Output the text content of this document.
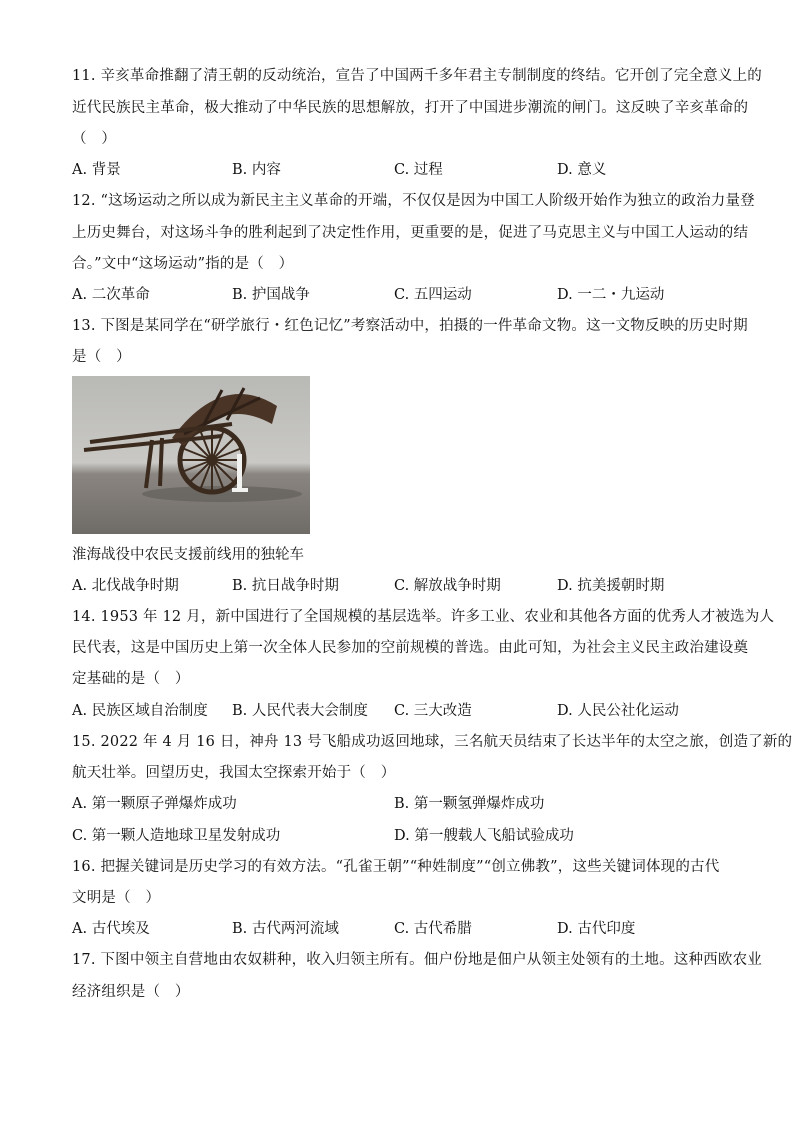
11. 辛亥革命推翻了清王朝的反动统治，宣告了中国两千多年君主专制制度的终结。它开创了完全意义上的
近代民族民主革命，极大推动了中华民族的思想解放，打开了中国进步潮流的闸门。这反映了辛亥革命的
（　）
A. 背景	B. 内容	C. 过程	D. 意义
12. “这场运动之所以成为新民主主义革命的开端，不仅仅是因为中国工人阶级开始作为独立的政治力量登
上历史舞台，对这场斗争的胜利起到了决定性作用，更重要的是，促进了马克思主义与中国工人运动的结
合。”文中“这场运动”指的是（　）
A. 二次革命	B. 护国战争	C. 五四运动	D. 一二・九运动
13. 下图是某同学在“研学旅行・红色记忆”考察活动中，拍摄的一件革命文物。这一文物反映的历史时期
是（　）
淮海战役中农民支援前线用的独轮车
A. 北伐战争时期	B. 抗日战争时期	C. 解放战争时期	D. 抗美援朝时期
14. 1953 年 12 月，新中国进行了全国规模的基层选举。许多工业、农业和其他各方面的优秀人才被选为人
民代表，这是中国历史上第一次全体人民参加的空前规模的普选。由此可知，为社会主义民主政治建设奠
定基础的是（　）
A. 民族区域自治制度 B. 人民代表大会制度 C. 三大改造	D. 人民公社化运动
15. 2022 年 4 月 16 日，神舟 13 号飞船成功返回地球，三名航天员结束了长达半年的太空之旅，创造了新的
航天壮举。回望历史，我国太空探索开始于（　）
A. 第一颗原子弹爆炸成功	B. 第一颗氢弹爆炸成功
C. 第一颗人造地球卫星发射成功	D. 第一艘载人飞船试验成功
16. 把握关键词是历史学习的有效方法。“孔雀王朝”“种姓制度”“创立佛教”，这些关键词体现的古代
文明是（　）
A. 古代埃及	B. 古代两河流域	C. 古代希腊	D. 古代印度
17. 下图中领主自营地由农奴耕种，收入归领主所有。佃户份地是佃户从领主处领有的土地。这种西欧农业
经济组织是（　）
